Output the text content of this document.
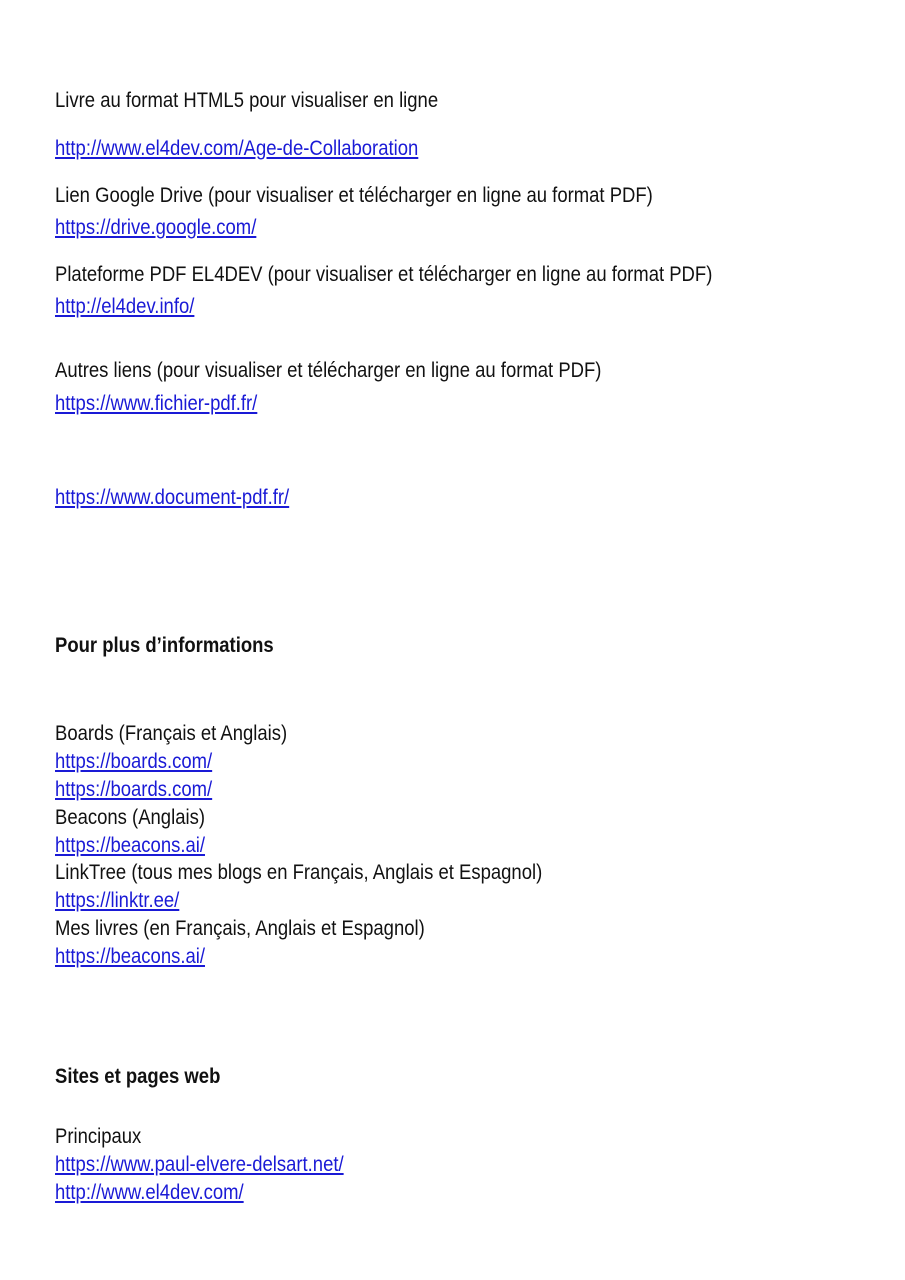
Livre au format HTML5 pour visualiser en ligne
http://www.el4dev.com/Age-de-Collaboration
Lien Google Drive (pour visualiser et télécharger en ligne au format PDF)
https://drive.google.com/
Plateforme PDF EL4DEV (pour visualiser et télécharger en ligne au format PDF)
http://el4dev.info/
Autres liens (pour visualiser et télécharger en ligne au format PDF)
https://www.fichier-pdf.fr/
https://www.document-pdf.fr/
Pour plus d’informations
Boards (Français et Anglais)
https://boards.com/
https://boards.com/
Beacons (Anglais)
https://beacons.ai/
LinkTree (tous mes blogs en Français, Anglais et Espagnol)
https://linktr.ee/
Mes livres (en Français, Anglais et Espagnol)
https://beacons.ai/
Sites et pages web
Principaux
https://www.paul-elvere-delsart.net/
http://www.el4dev.com/
